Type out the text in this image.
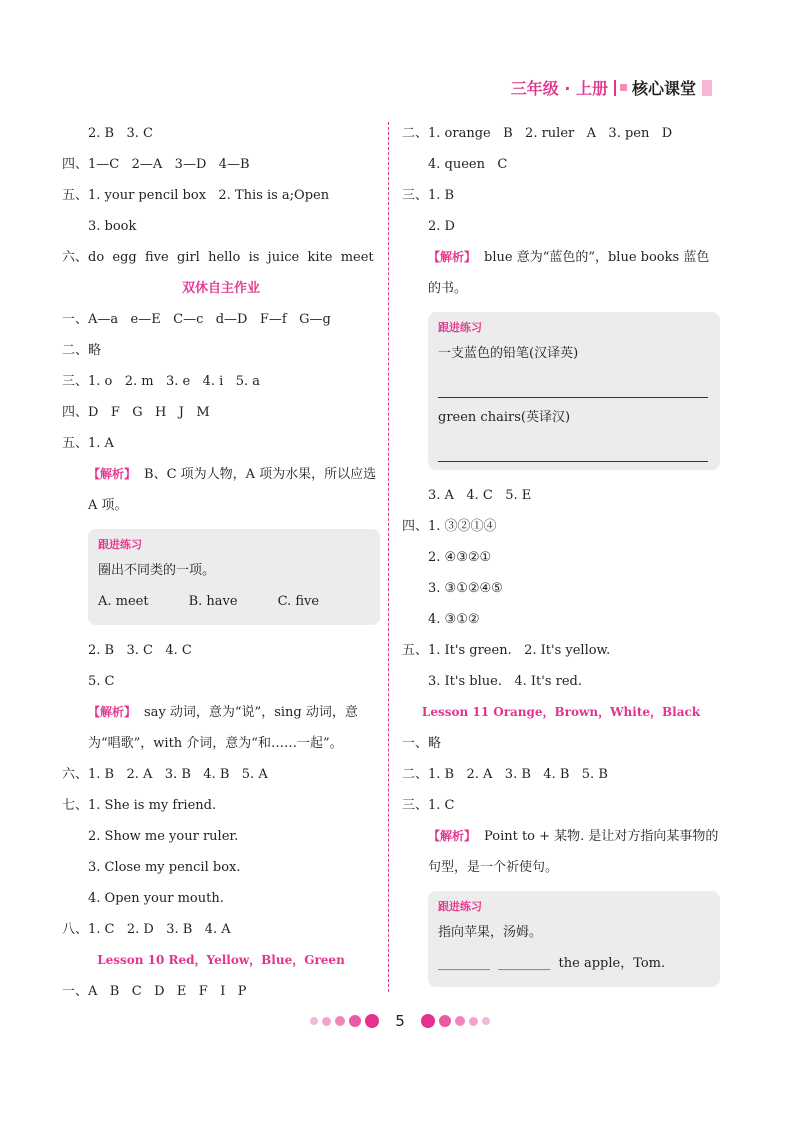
三年级 · 上册 核心课堂
2. B   3. C
四、1—C   2—A   3—D   4—B
五、1. your pencil box   2. This is a;Open
3. book
六、do  egg  five  girl  hello  is  juice  kite  meet
双休自主作业
一、A—a   e—E   C—c   d—D   F—f   G—g
二、略
三、1. o   2. m   3. e   4. i   5. a
四、D   F   G   H   J   M
五、1. A
【解析】 B、C 项为人物，A 项为水果，所以应选 A 项。
跟进练习
圈出不同类的一项。
A. meet	B. have	C. five
2. B   3. C   4. C
5. C
【解析】 say 动词，意为“说”，sing 动词，意为“唱歌”，with 介词，意为“和……一起”。
六、1. B   2. A   3. B   4. B   5. A
七、1. She is my friend.
2. Show me your ruler.
3. Close my pencil box.
4. Open your mouth.
八、1. C   2. D   3. B   4. A
Lesson 10 Red，Yellow，Blue，Green
一、A   B   C   D   E   F   I   P
二、1. orange   B   2. ruler   A   3. pen   D
4. queen   C
三、1. B
2. D
【解析】 blue 意为“蓝色的”，blue books 蓝色的书。
跟进练习
一支蓝色的铅笔(汉译英)
green chairs(英译汉)
3. A   4. C   5. E
四、1. ③②①④
2. ④③②①
3. ③①②④⑤
4. ③①②
五、1. It's green.   2. It's yellow.
3. It's blue.   4. It's red.
Lesson 11 Orange，Brown，White，Black
一、略
二、1. B   2. A   3. B   4. B   5. B
三、1. C
【解析】 Point to + 某物. 是让对方指向某事物的句型，是一个祈使句。
跟进练习
指向苹果，汤姆。
________  ________  the apple，Tom.
5
